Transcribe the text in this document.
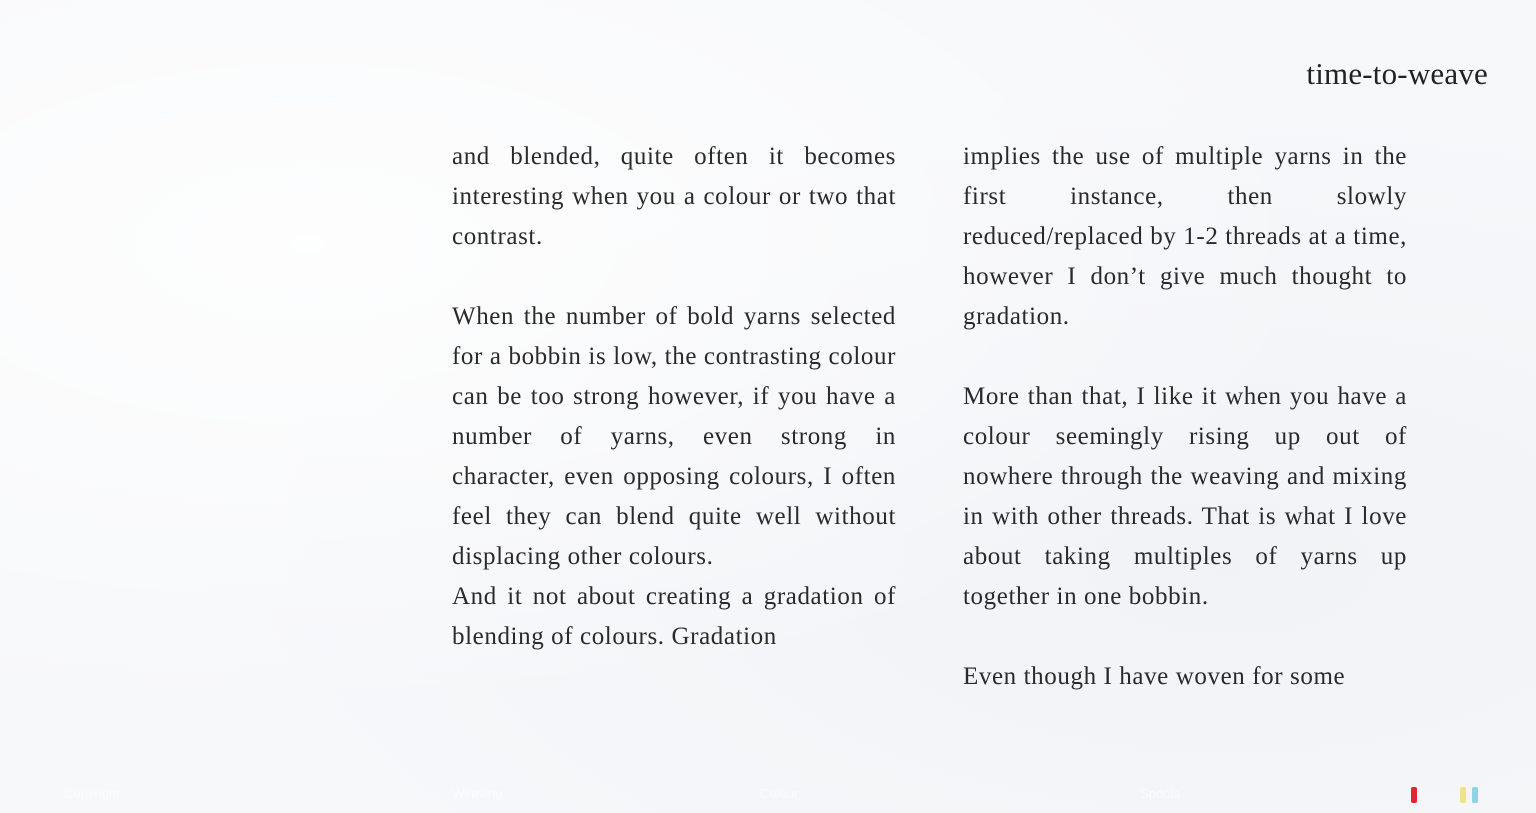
time-to-weave

and blended, quite often it becomes interesting when you a colour or two that contrast.

When the number of bold yarns selected for a bobbin is low, the contrasting colour can be too strong however, if you have a number of yarns, even strong in character, even opposing colours, I often feel they can blend quite well without displacing other colours.

And it not about creating a gradation of blending of colours. Gradation

implies the use of multiple yarns in the first instance, then slowly reduced/replaced by 1-2 threads at a time, however I don’t give much thought to gradation.

More than that, I like it when you have a colour seemingly rising up out of nowhere through the weaving and mixing in with other threads. That is what I love about taking multiples of yarns up together in one bobbin.

Even though I have woven for some

Copyright	Weaving	Colour	Spools
